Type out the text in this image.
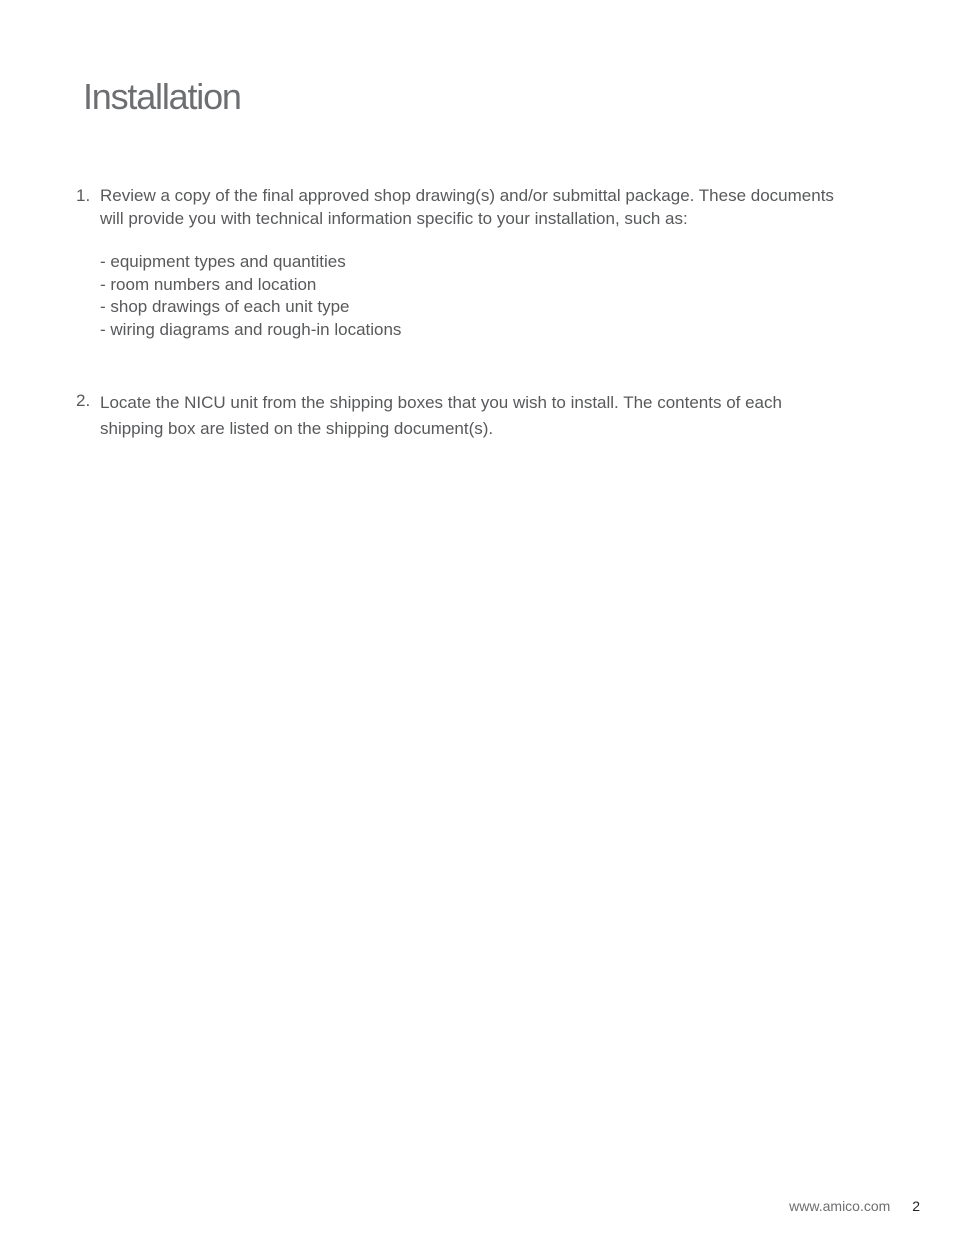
Installation
1. Review a copy of the final approved shop drawing(s) and/or submittal package. These documents will provide you with technical information specific to your installation, such as:
- equipment types and quantities
- room numbers and location
- shop drawings of each unit type
- wiring diagrams and rough-in locations
2. Locate the NICU unit from the shipping boxes that you wish to install. The contents of each shipping box are listed on the shipping document(s).
www.amico.com 2
